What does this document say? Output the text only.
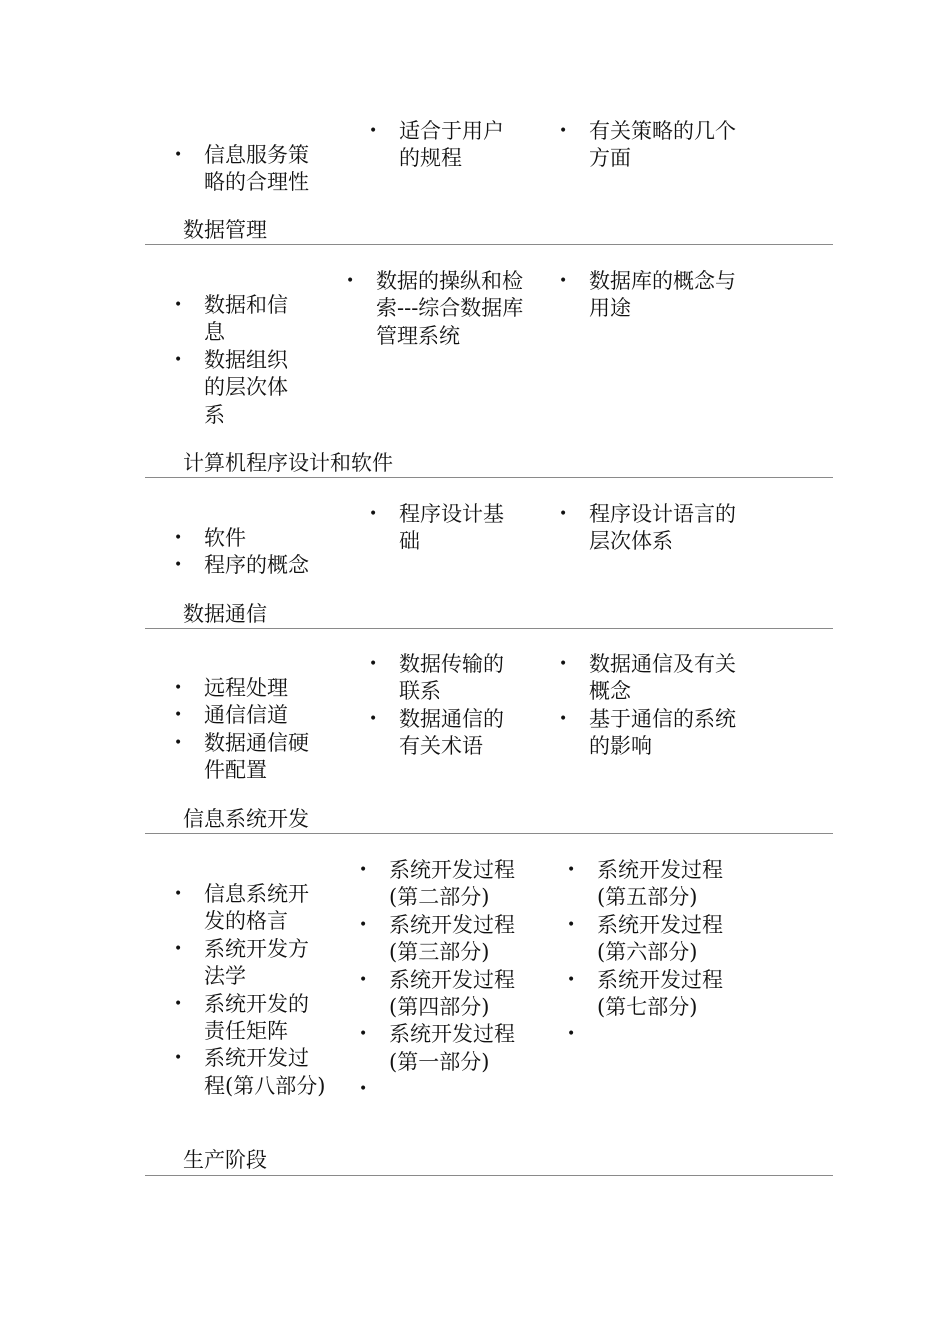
• 信息服务策略的合理性
• 适合于用户的规程
• 有关策略的几个方面
数据管理
• 数据和信息
• 数据组织的层次体系
• 数据的操纵和检索---综合数据库管理系统
• 数据库的概念与用途
计算机程序设计和软件
• 软件
• 程序的概念
• 程序设计基础
• 程序设计语言的层次体系
数据通信
• 远程处理
• 通信信道
• 数据通信硬件配置
• 数据传输的联系
• 数据通信的有关术语
• 数据通信及有关概念
• 基于通信的系统的影响
信息系统开发
• 信息系统开发的格言
• 系统开发方法学
• 系统开发的责任矩阵
• 系统开发过程(第八部分)
• 系统开发过程(第二部分)
• 系统开发过程(第三部分)
• 系统开发过程(第四部分)
• 系统开发过程(第一部分)
•
• 系统开发过程(第五部分)
• 系统开发过程(第六部分)
• 系统开发过程(第七部分)
•
生产阶段
